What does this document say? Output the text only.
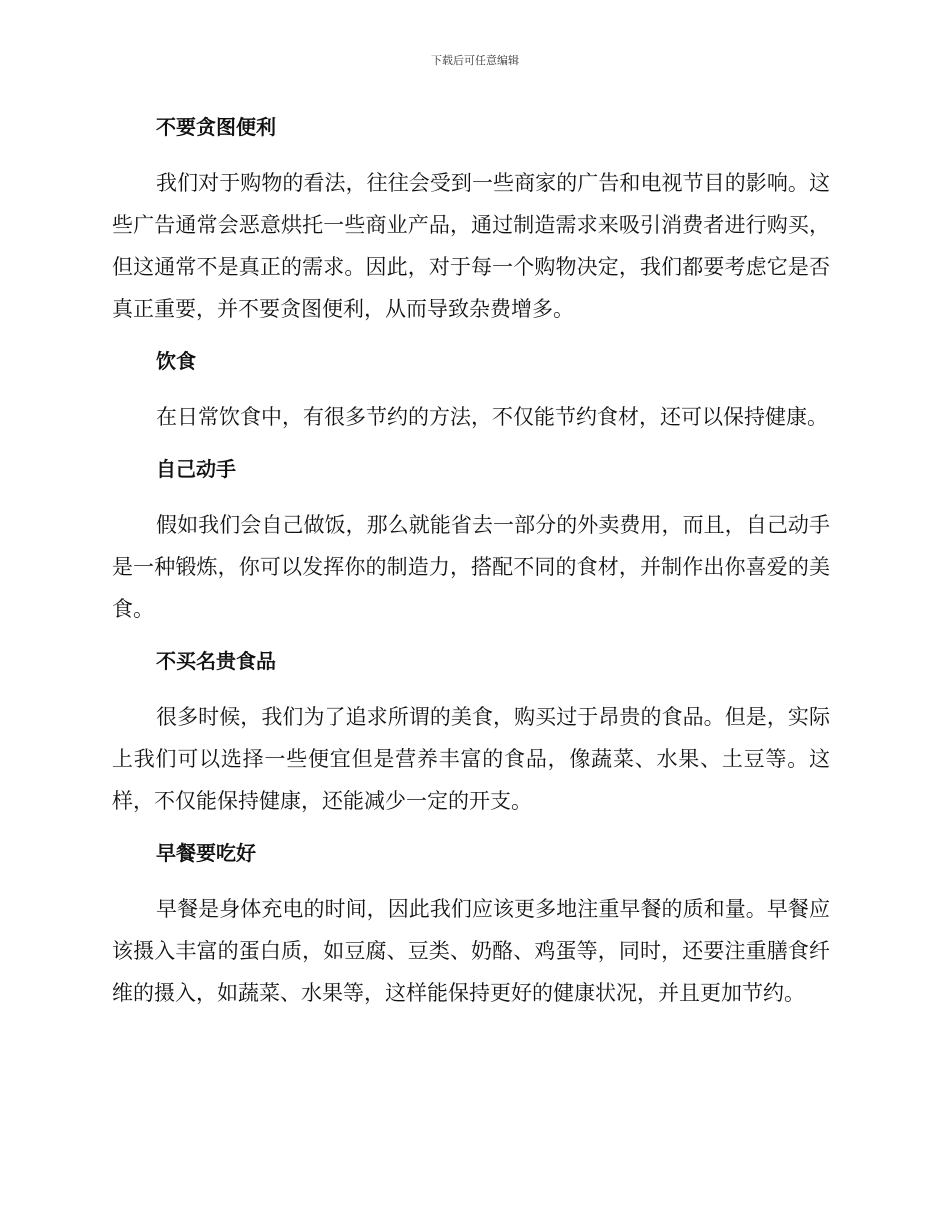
下载后可任意编辑
不要贪图便利

我们对于购物的看法，往往会受到一些商家的广告和电视节目的影响。这些广告通常会恶意烘托一些商业产品，通过制造需求来吸引消费者进行购买，但这通常不是真正的需求。因此，对于每一个购物决定，我们都要考虑它是否真正重要，并不要贪图便利，从而导致杂费增多。

饮食

在日常饮食中，有很多节约的方法，不仅能节约食材，还可以保持健康。

自己动手

假如我们会自己做饭，那么就能省去一部分的外卖费用，而且，自己动手是一种锻炼，你可以发挥你的制造力，搭配不同的食材，并制作出你喜爱的美食。

不买名贵食品

很多时候，我们为了追求所谓的美食，购买过于昂贵的食品。但是，实际上我们可以选择一些便宜但是营养丰富的食品，像蔬菜、水果、土豆等。这样，不仅能保持健康，还能减少一定的开支。

早餐要吃好

早餐是身体充电的时间，因此我们应该更多地注重早餐的质和量。早餐应该摄入丰富的蛋白质，如豆腐、豆类、奶酪、鸡蛋等，同时，还要注重膳食纤维的摄入，如蔬菜、水果等，这样能保持更好的健康状况，并且更加节约。
